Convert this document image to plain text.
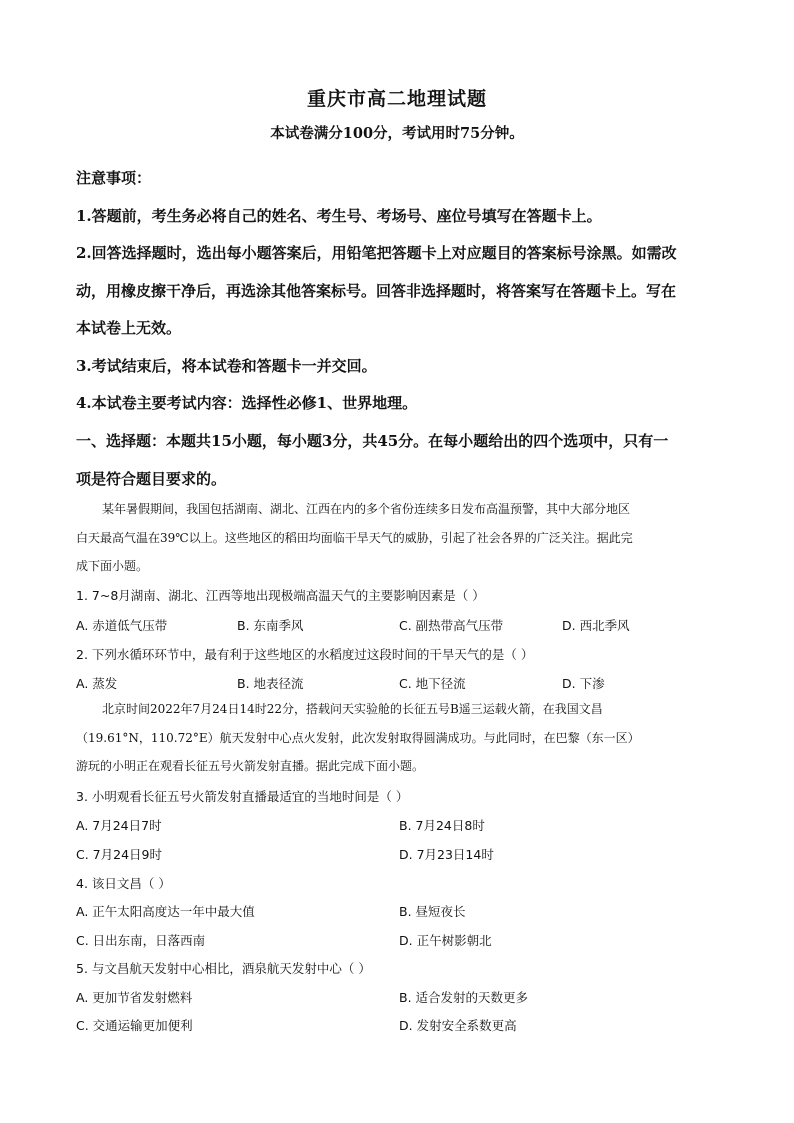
重庆市高二地理试题
本试卷满分100分，考试用时75分钟。

注意事项：

1.答题前，考生务必将自己的姓名、考生号、考场号、座位号填写在答题卡上。

2.回答选择题时，选出每小题答案后，用铅笔把答题卡上对应题目的答案标号涂黑。如需改

动，用橡皮擦干净后，再选涂其他答案标号。回答非选择题时，将答案写在答题卡上。写在

本试卷上无效。

3.考试结束后，将本试卷和答题卡一并交回。

4.本试卷主要考试内容：选择性必修1、世界地理。

一、选择题：本题共15小题，每小题3分，共45分。在每小题给出的四个选项中，只有一

项是符合题目要求的。

某年暑假期间，我国包括湖南、湖北、江西在内的多个省份连续多日发布高温预警，其中大部分地区
白天最高气温在39℃以上。这些地区的稻田均面临干旱天气的威胁，引起了社会各界的广泛关注。据此完
成下面小题。
1. 7~8月湖南、湖北、江西等地出现极端高温天气的主要影响因素是（ ）
A. 赤道低气压带	B. 东南季风	C. 副热带高气压带	D. 西北季风
2. 下列水循环环节中，最有利于这些地区的水稻度过这段时间的干旱天气的是（ ）
A. 蒸发	B. 地表径流	C. 地下径流	D. 下渗
北京时间2022年7月24日14时22分，搭载问天实验舱的长征五号B遥三运载火箭，在我国文昌
（19.61°N，110.72°E）航天发射中心点火发射，此次发射取得圆满成功。与此同时，在巴黎（东一区）
游玩的小明正在观看长征五号火箭发射直播。据此完成下面小题。
3. 小明观看长征五号火箭发射直播最适宜的当地时间是（ ）
A. 7月24日7时	B. 7月24日8时
C. 7月24日9时	D. 7月23日14时
4. 该日文昌（ ）
A. 正午太阳高度达一年中最大值	B. 昼短夜长
C. 日出东南，日落西南	D. 正午树影朝北
5. 与文昌航天发射中心相比，酒泉航天发射中心（ ）
A. 更加节省发射燃料	B. 适合发射的天数更多
C. 交通运输更加便利	D. 发射安全系数更高
